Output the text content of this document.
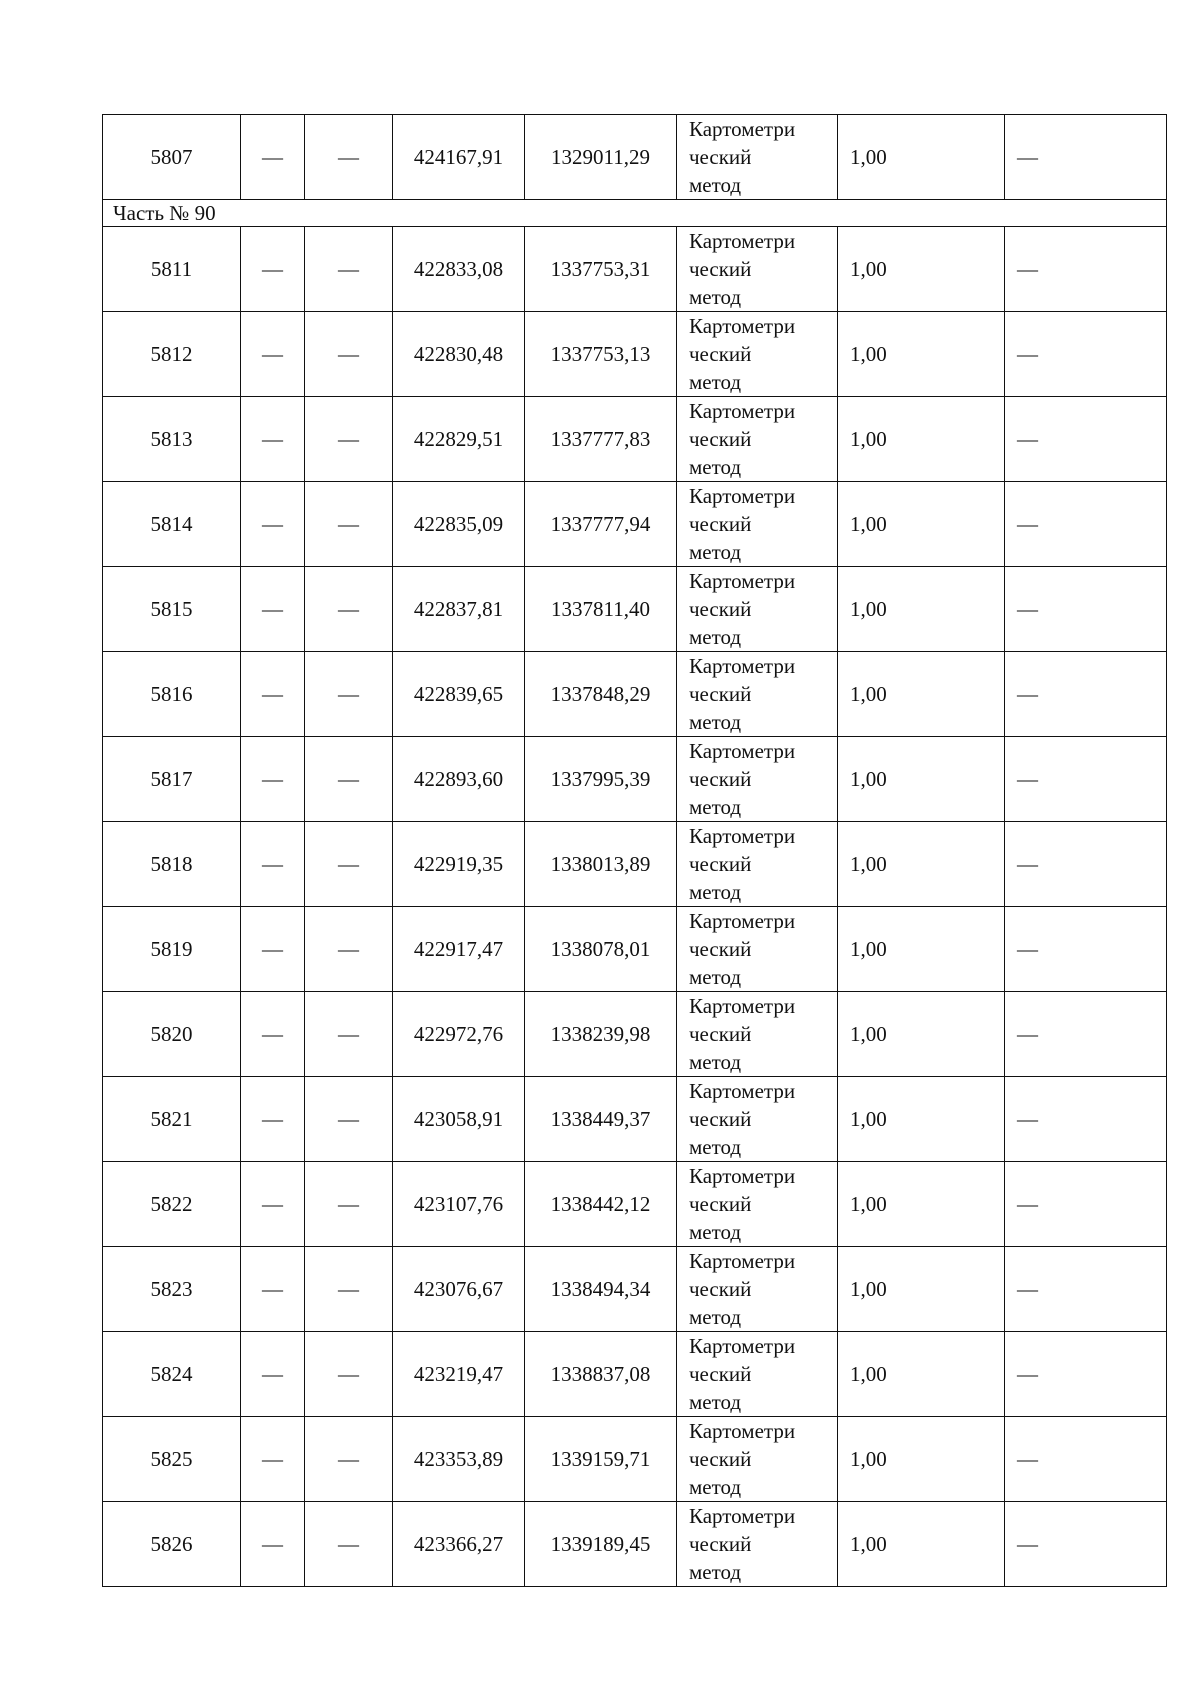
5807	—	—	424167,91	1329011,29	Картометри
ческий
метод	1,00	—
Часть № 90							
5811	—	—	422833,08	1337753,31	Картометри
ческий
метод	1,00	—
5812	—	—	422830,48	1337753,13	Картометри
ческий
метод	1,00	—
5813	—	—	422829,51	1337777,83	Картометри
ческий
метод	1,00	—
5814	—	—	422835,09	1337777,94	Картометри
ческий
метод	1,00	—
5815	—	—	422837,81	1337811,40	Картометри
ческий
метод	1,00	—
5816	—	—	422839,65	1337848,29	Картометри
ческий
метод	1,00	—
5817	—	—	422893,60	1337995,39	Картометри
ческий
метод	1,00	—
5818	—	—	422919,35	1338013,89	Картометри
ческий
метод	1,00	—
5819	—	—	422917,47	1338078,01	Картометри
ческий
метод	1,00	—
5820	—	—	422972,76	1338239,98	Картометри
ческий
метод	1,00	—
5821	—	—	423058,91	1338449,37	Картометри
ческий
метод	1,00	—
5822	—	—	423107,76	1338442,12	Картометри
ческий
метод	1,00	—
5823	—	—	423076,67	1338494,34	Картометри
ческий
метод	1,00	—
5824	—	—	423219,47	1338837,08	Картометри
ческий
метод	1,00	—
5825	—	—	423353,89	1339159,71	Картометри
ческий
метод	1,00	—
5826	—	—	423366,27	1339189,45	Картометри
ческий
метод	1,00	—
